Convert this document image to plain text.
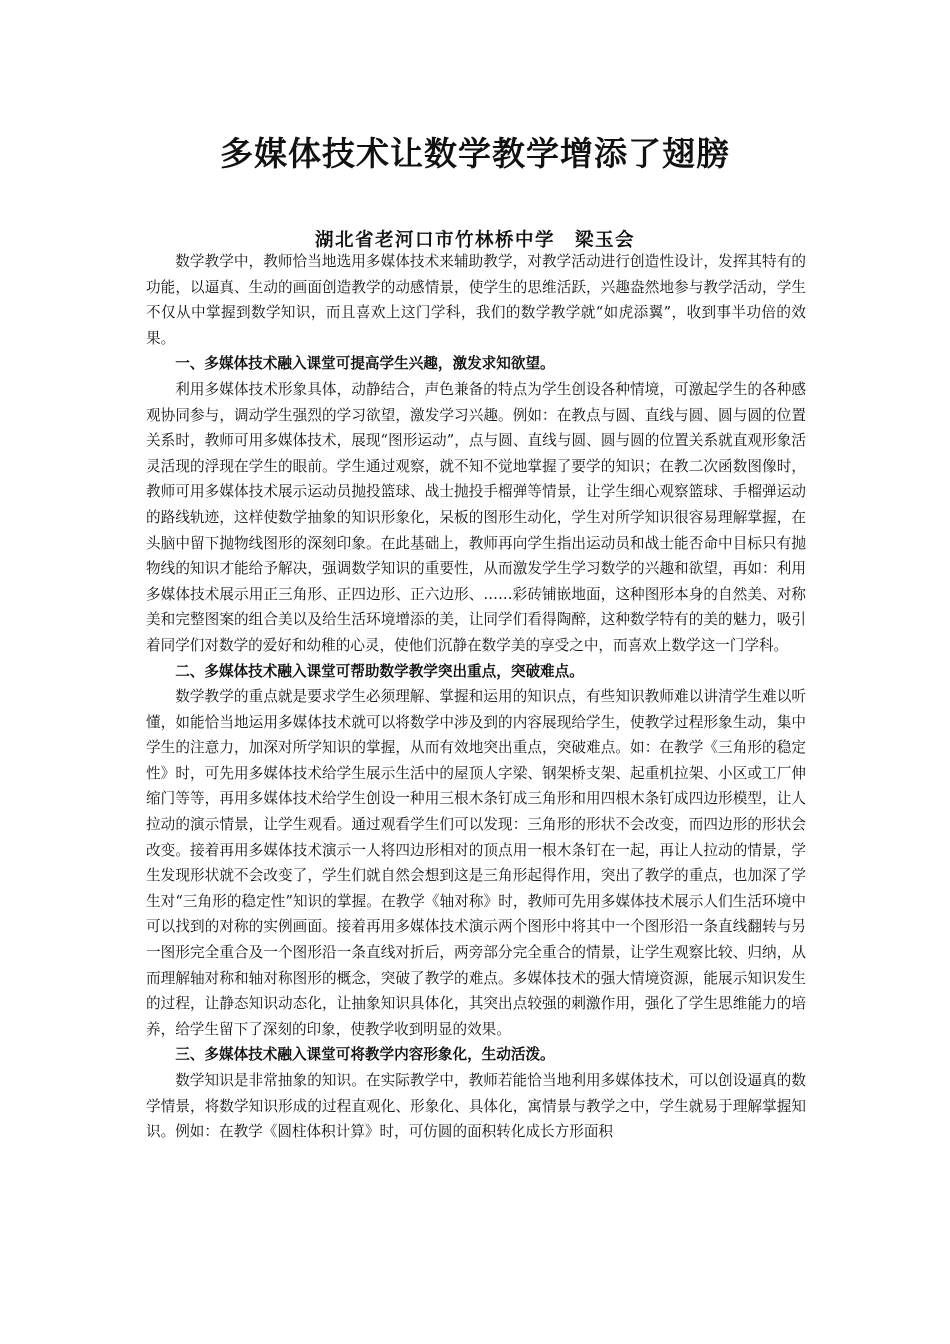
多媒体技术让数学教学增添了翅膀
湖北省老河口市竹林桥中学　梁玉会

数学教学中，教师恰当地选用多媒体技术来辅助教学，对教学活动进行创造性设计，发挥其特有的功能，以逼真、生动的画面创造教学的动感情景，使学生的思维活跃，兴趣盎然地参与教学活动，学生不仅从中掌握到数学知识，而且喜欢上这门学科，我们的数学教学就“如虎添翼”，收到事半功倍的效果。

一、多媒体技术融入课堂可提高学生兴趣，激发求知欲望。

利用多媒体技术形象具体，动静结合，声色兼备的特点为学生创设各种情境，可激起学生的各种感观协同参与，调动学生强烈的学习欲望，激发学习兴趣。例如：在教点与圆、直线与圆、圆与圆的位置关系时，教师可用多媒体技术，展现“图形运动”，点与圆、直线与圆、圆与圆的位置关系就直观形象活灵活现的浮现在学生的眼前。学生通过观察，就不知不觉地掌握了要学的知识；在教二次函数图像时，教师可用多媒体技术展示运动员抛投篮球、战士抛投手榴弹等情景，让学生细心观察篮球、手榴弹运动的路线轨迹，这样使数学抽象的知识形象化，呆板的图形生动化，学生对所学知识很容易理解掌握，在头脑中留下抛物线图形的深刻印象。在此基础上，教师再向学生指出运动员和战士能否命中目标只有抛物线的知识才能给予解决，强调数学知识的重要性，从而激发学生学习数学的兴趣和欲望，再如：利用多媒体技术展示用正三角形、正四边形、正六边形、……彩砖铺嵌地面，这种图形本身的自然美、对称美和完整图案的组合美以及给生活环境增添的美，让同学们看得陶醉，这种数学特有的美的魅力，吸引着同学们对数学的爱好和幼稚的心灵，使他们沉静在数学美的享受之中，而喜欢上数学这一门学科。

二、多媒体技术融入课堂可帮助数学教学突出重点，突破难点。

数学教学的重点就是要求学生必须理解、掌握和运用的知识点，有些知识教师难以讲清学生难以听懂，如能恰当地运用多媒体技术就可以将数学中涉及到的内容展现给学生，使教学过程形象生动，集中学生的注意力，加深对所学知识的掌握，从而有效地突出重点，突破难点。如：在教学《三角形的稳定性》时，可先用多媒体技术给学生展示生活中的屋顶人字梁、钢架桥支架、起重机拉架、小区或工厂伸缩门等等，再用多媒体技术给学生创设一种用三根木条钉成三角形和用四根木条钉成四边形模型，让人拉动的演示情景，让学生观看。通过观看学生们可以发现：三角形的形状不会改变，而四边形的形状会改变。接着再用多媒体技术演示一人将四边形相对的顶点用一根木条钉在一起，再让人拉动的情景，学生发现形状就不会改变了，学生们就自然会想到这是三角形起得作用，突出了教学的重点，也加深了学生对“三角形的稳定性”知识的掌握。在教学《轴对称》时，教师可先用多媒体技术展示人们生活环境中可以找到的对称的实例画面。接着再用多媒体技术演示两个图形中将其中一个图形沿一条直线翻转与另一图形完全重合及一个图形沿一条直线对折后，两旁部分完全重合的情景，让学生观察比较、归纳，从而理解轴对称和轴对称图形的概念，突破了教学的难点。多媒体技术的强大情境资源，能展示知识发生的过程，让静态知识动态化，让抽象知识具体化，其突出点较强的刺激作用，强化了学生思维能力的培养，给学生留下了深刻的印象，使教学收到明显的效果。

三、多媒体技术融入课堂可将教学内容形象化，生动活泼。

数学知识是非常抽象的知识。在实际教学中，教师若能恰当地利用多媒体技术，可以创设逼真的数学情景，将数学知识形成的过程直观化、形象化、具体化，寓情景与教学之中，学生就易于理解掌握知识。例如：在教学《圆柱体积计算》时，可仿圆的面积转化成长方形面积
